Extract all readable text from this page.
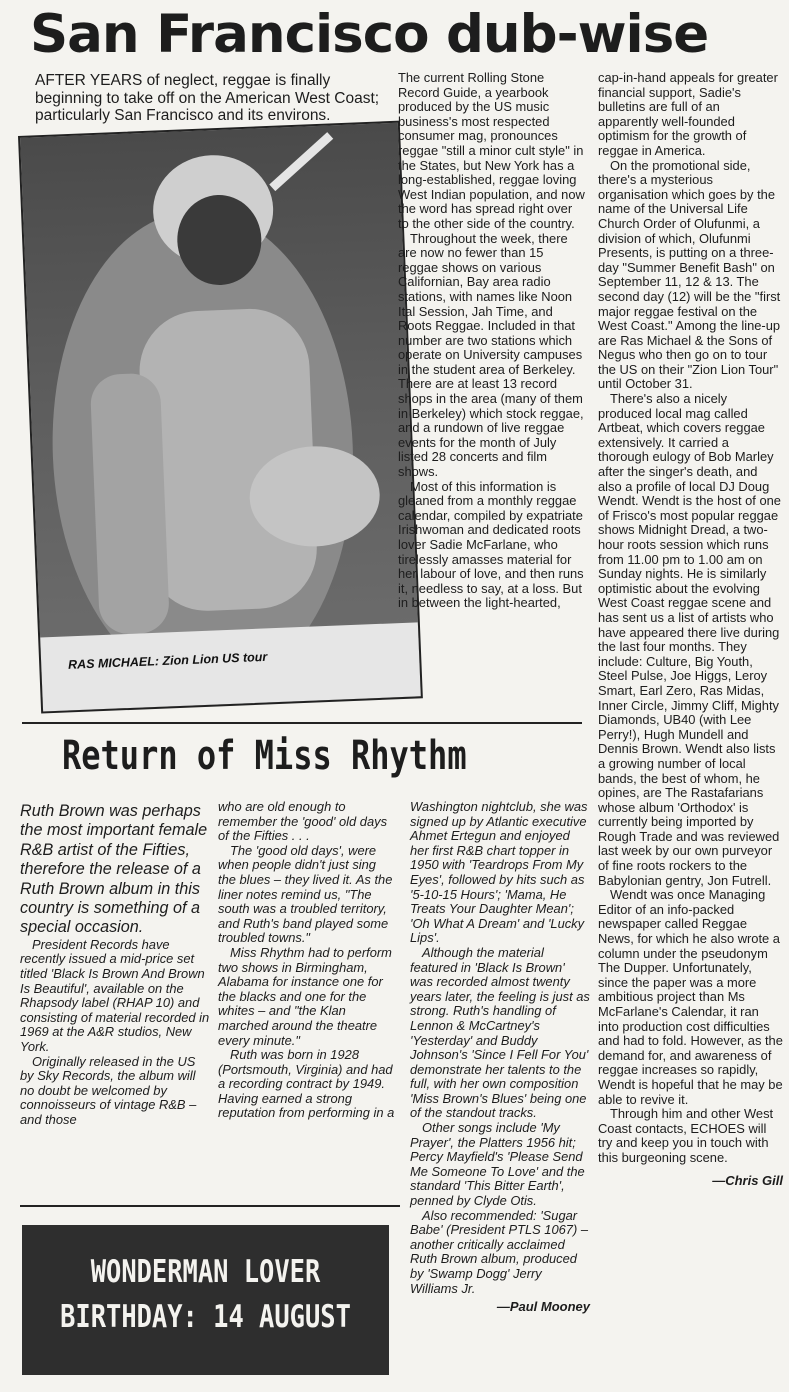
San Francisco dub-wise
AFTER YEARS of neglect, reggae is finally beginning to take off on the American West Coast; particularly San Francisco and its environs.
RAS MICHAEL: Zion Lion US tour

The current Rolling Stone Record Guide, a yearbook produced by the US music business's most respected consumer mag, pronounces reggae "still a minor cult style" in the States, but New York has a long-established, reggae loving West Indian population, and now the word has spread right over to the other side of the country.

Throughout the week, there are now no fewer than 15 reggae shows on various Californian, Bay area radio stations, with names like Noon Ital Session, Jah Time, and Roots Reggae. Included in that number are two stations which operate on University campuses in the student area of Berkeley. There are at least 13 record shops in the area (many of them in Berkeley) which stock reggae, and a rundown of live reggae events for the month of July listed 28 concerts and film shows.

Most of this information is gleaned from a monthly reggae calendar, compiled by expatriate Irishwoman and dedicated roots lover Sadie McFarlane, who tirelessly amasses material for her labour of love, and then runs it, needless to say, at a loss. But in between the light-hearted,

cap-in-hand appeals for greater financial support, Sadie's bulletins are full of an apparently well-founded optimism for the growth of reggae in America.

On the promotional side, there's a mysterious organisation which goes by the name of the Universal Life Church Order of Olufunmi, a division of which, Olufunmi Presents, is putting on a three-day "Summer Benefit Bash" on September 11, 12 & 13. The second day (12) will be the "first major reggae festival on the West Coast." Among the line-up are Ras Michael & the Sons of Negus who then go on to tour the US on their "Zion Lion Tour" until October 31.

There's also a nicely produced local mag called Artbeat, which covers reggae extensively. It carried a thorough eulogy of Bob Marley after the singer's death, and also a profile of local DJ Doug Wendt. Wendt is the host of one of Frisco's most popular reggae shows Midnight Dread, a two-hour roots session which runs from 11.00 pm to 1.00 am on Sunday nights. He is similarly optimistic about the evolving West Coast reggae scene and has sent us a list of artists who have appeared there live during the last four months. They include: Culture, Big Youth, Steel Pulse, Joe Higgs, Leroy Smart, Earl Zero, Ras Midas, Inner Circle, Jimmy Cliff, Mighty Diamonds, UB40 (with Lee Perry!), Hugh Mundell and Dennis Brown. Wendt also lists a growing number of local bands, the best of whom, he opines, are The Rastafarians whose album 'Orthodox' is currently being imported by Rough Trade and was reviewed last week by our own purveyor of fine roots rockers to the Babylonian gentry, Jon Futrell.

Wendt was once Managing Editor of an info-packed newspaper called Reggae News, for which he also wrote a column under the pseudonym The Dupper. Unfortunately, since the paper was a more ambitious project than Ms McFarlane's Calendar, it ran into production cost difficulties and had to fold. However, as the demand for, and awareness of reggae increases so rapidly, Wendt is hopeful that he may be able to revive it.

Through him and other West Coast contacts, ECHOES will try and keep you in touch with this burgeoning scene.

—Chris Gill

Return of Miss Rhythm

Ruth Brown was perhaps the most important female R&B artist of the Fifties, therefore the release of a Ruth Brown album in this country is something of a special occasion.

President Records have recently issued a mid-price set titled 'Black Is Brown And Brown Is Beautiful', available on the Rhapsody label (RHAP 10) and consisting of material recorded in 1969 at the A&R studios, New York.

Originally released in the US by Sky Records, the album will no doubt be welcomed by connoisseurs of vintage R&B – and those

who are old enough to remember the 'good' old days of the Fifties . . .

The 'good old days', were when people didn't just sing the blues – they lived it. As the liner notes remind us, "The south was a troubled territory, and Ruth's band played some troubled towns."

Miss Rhythm had to perform two shows in Birmingham, Alabama for instance one for the blacks and one for the whites – and "the Klan marched around the theatre every minute."

Ruth was born in 1928 (Portsmouth, Virginia) and had a recording contract by 1949. Having earned a strong reputation from performing in a

Washington nightclub, she was signed up by Atlantic executive Ahmet Ertegun and enjoyed her first R&B chart topper in 1950 with 'Teardrops From My Eyes', followed by hits such as '5-10-15 Hours'; 'Mama, He Treats Your Daughter Mean'; 'Oh What A Dream' and 'Lucky Lips'.

Although the material featured in 'Black Is Brown' was recorded almost twenty years later, the feeling is just as strong. Ruth's handling of Lennon & McCartney's 'Yesterday' and Buddy Johnson's 'Since I Fell For You' demonstrate her talents to the full, with her own composition 'Miss Brown's Blues' being one of the standout tracks.

Other songs include 'My Prayer', the Platters 1956 hit; Percy Mayfield's 'Please Send Me Someone To Love' and the standard 'This Bitter Earth', penned by Clyde Otis.

Also recommended: 'Sugar Babe' (President PTLS 1067) – another critically acclaimed Ruth Brown album, produced by 'Swamp Dogg' Jerry Williams Jr.

—Paul Mooney

WONDERMAN LOVER
BIRTHDAY: 14 AUGUST
